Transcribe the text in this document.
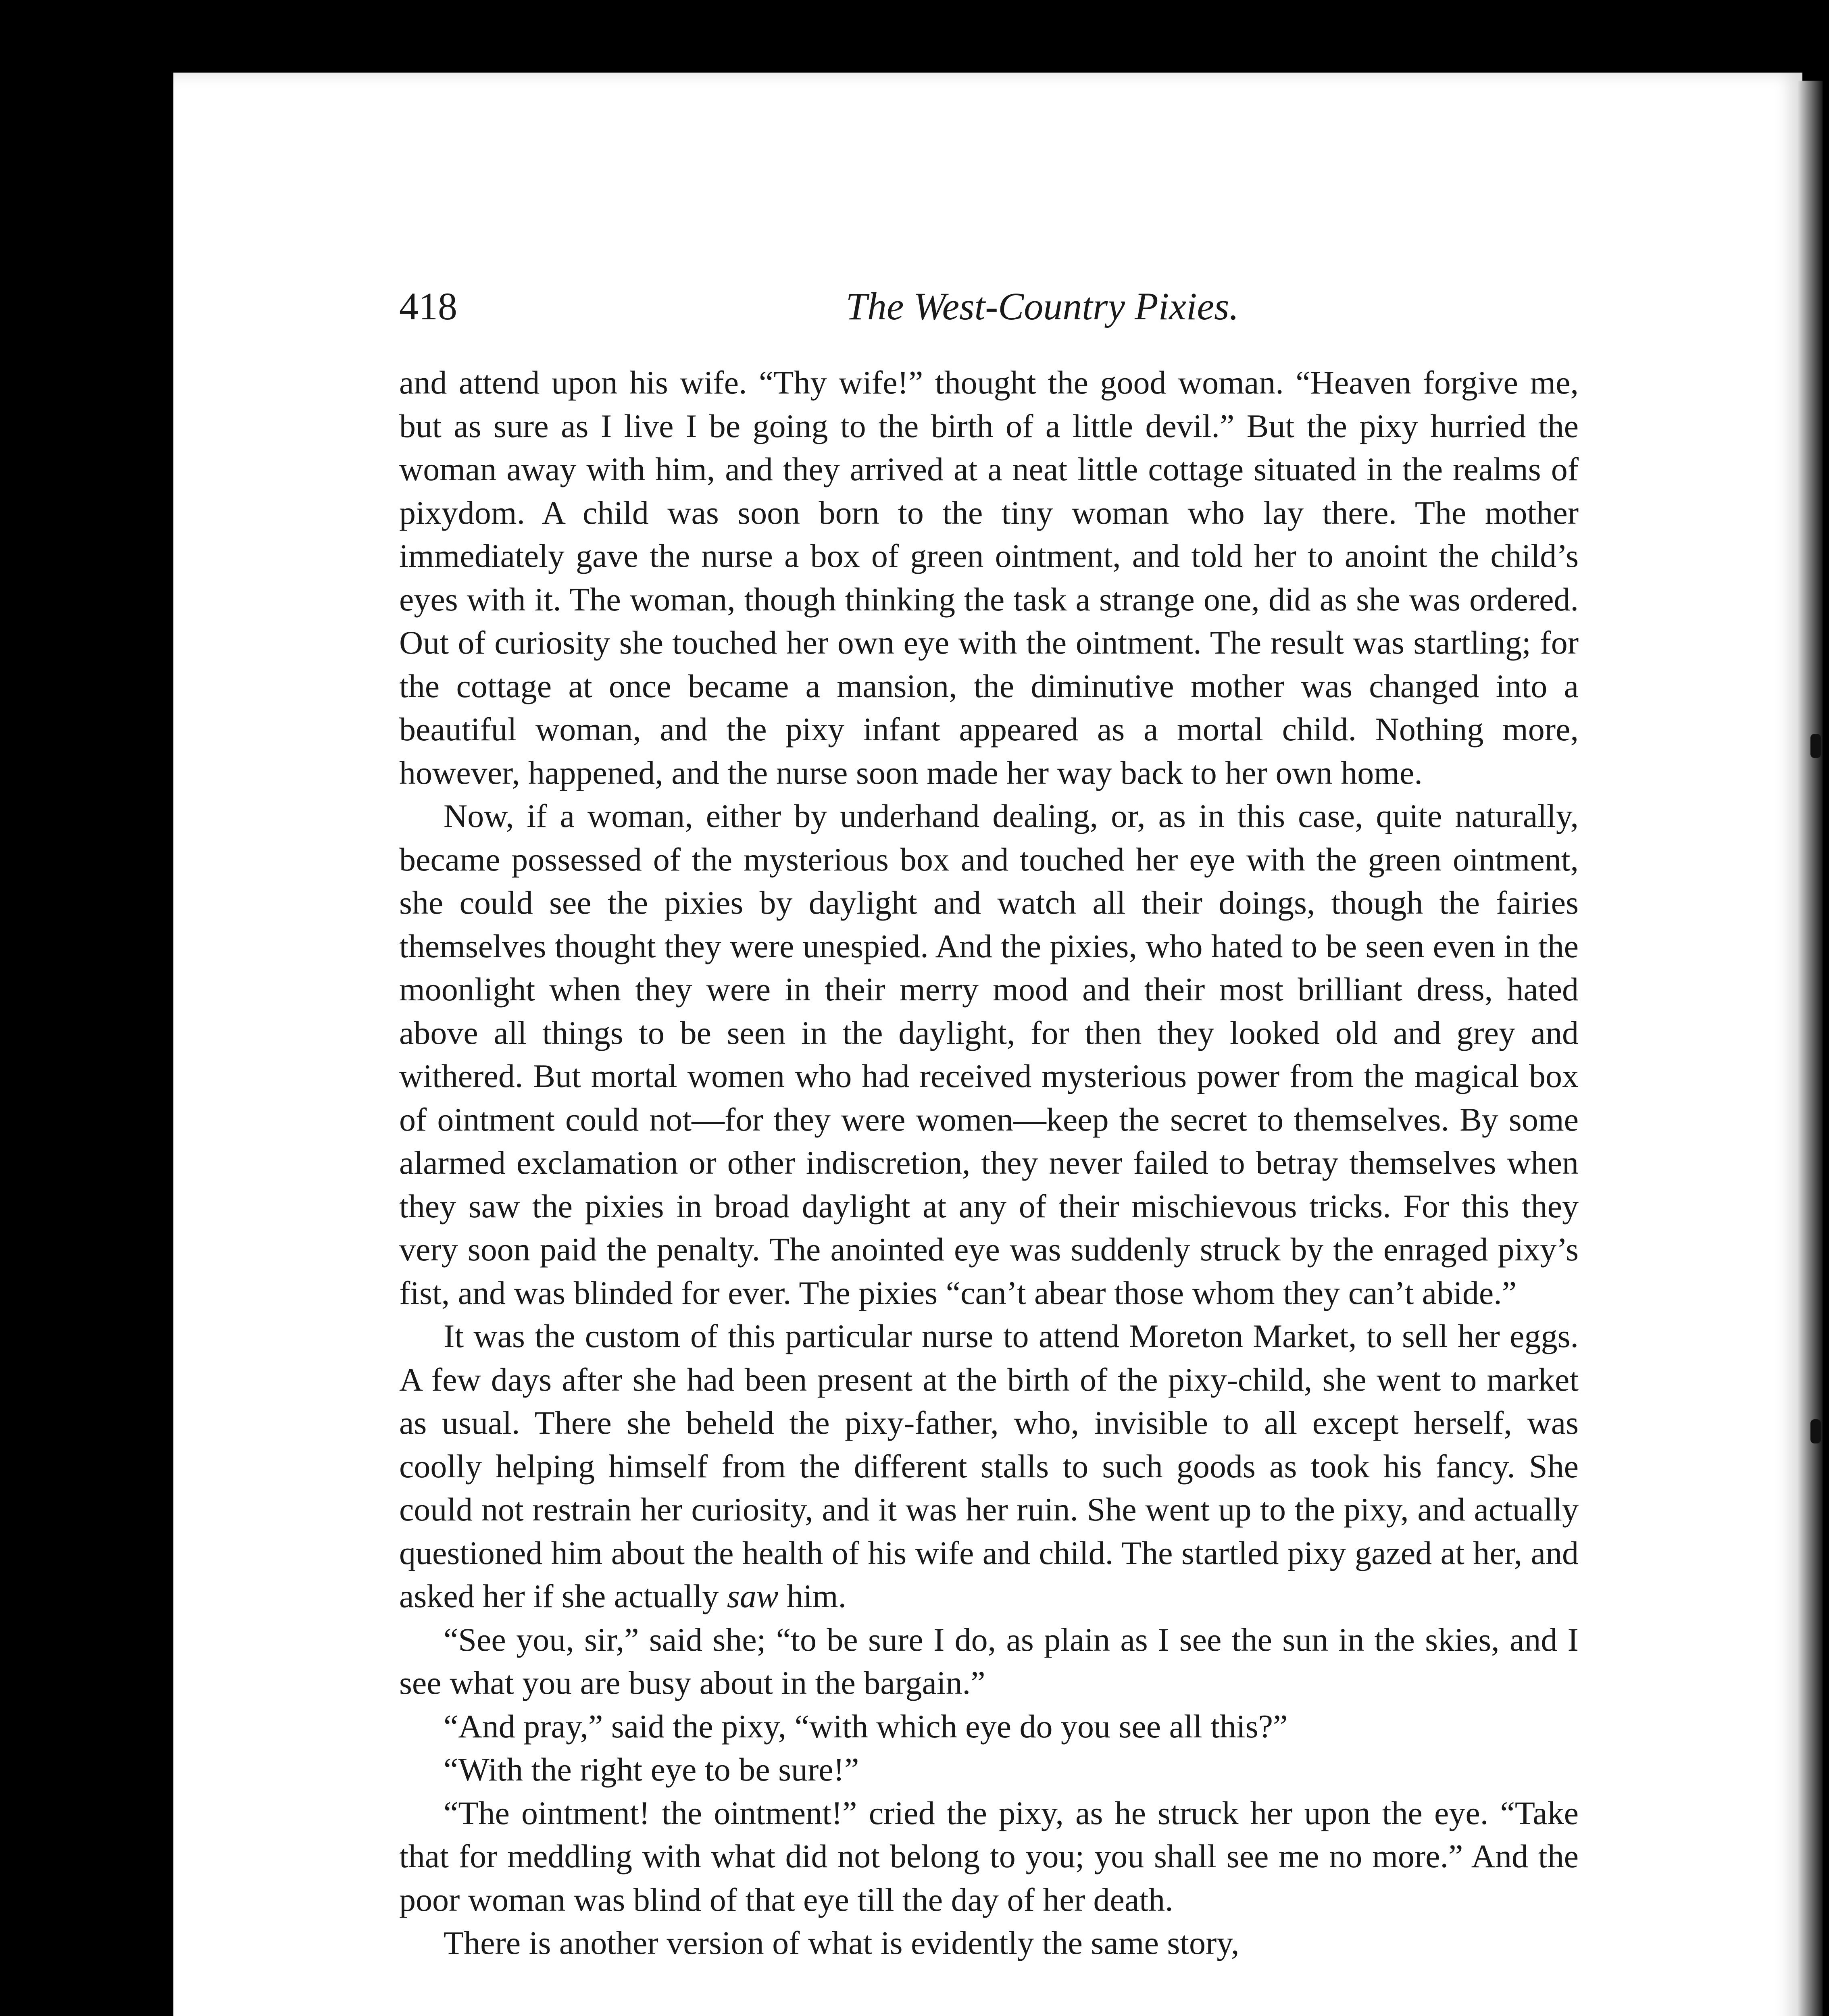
418	The West-Country Pixies.

and attend upon his wife. “Thy wife!” thought the good woman. “Heaven forgive me, but as sure as I live I be going to the birth of a little devil.” But the pixy hurried the woman away with him, and they arrived at a neat little cottage situated in the realms of pixydom. A child was soon born to the tiny woman who lay there. The mother immediately gave the nurse a box of green ointment, and told her to anoint the child’s eyes with it. The woman, though thinking the task a strange one, did as she was ordered. Out of curiosity she touched her own eye with the ointment. The result was startling; for the cottage at once became a mansion, the diminutive mother was changed into a beautiful woman, and the pixy infant appeared as a mortal child. Nothing more, however, happened, and the nurse soon made her way back to her own home.

Now, if a woman, either by underhand dealing, or, as in this case, quite naturally, became possessed of the mysterious box and touched her eye with the green ointment, she could see the pixies by daylight and watch all their doings, though the fairies themselves thought they were unespied. And the pixies, who hated to be seen even in the moonlight when they were in their merry mood and their most brilliant dress, hated above all things to be seen in the daylight, for then they looked old and grey and withered. But mortal women who had received mysterious power from the magical box of ointment could not—for they were women—keep the secret to themselves. By some alarmed exclamation or other indiscretion, they never failed to betray themselves when they saw the pixies in broad daylight at any of their mischievous tricks. For this they very soon paid the penalty. The anointed eye was suddenly struck by the enraged pixy’s fist, and was blinded for ever. The pixies “can’t abear those whom they can’t abide.”

It was the custom of this particular nurse to attend Moreton Market, to sell her eggs. A few days after she had been present at the birth of the pixy-child, she went to market as usual. There she beheld the pixy-father, who, invisible to all except herself, was coolly helping himself from the different stalls to such goods as took his fancy. She could not restrain her curiosity, and it was her ruin. She went up to the pixy, and actually questioned him about the health of his wife and child. The startled pixy gazed at her, and asked her if she actually saw him.

“See you, sir,” said she; “to be sure I do, as plain as I see the sun in the skies, and I see what you are busy about in the bargain.”

“And pray,” said the pixy, “with which eye do you see all this?”

“With the right eye to be sure!”

“The ointment! the ointment!” cried the pixy, as he struck her upon the eye. “Take that for meddling with what did not belong to you; you shall see me no more.” And the poor woman was blind of that eye till the day of her death.

There is another version of what is evidently the same story,
